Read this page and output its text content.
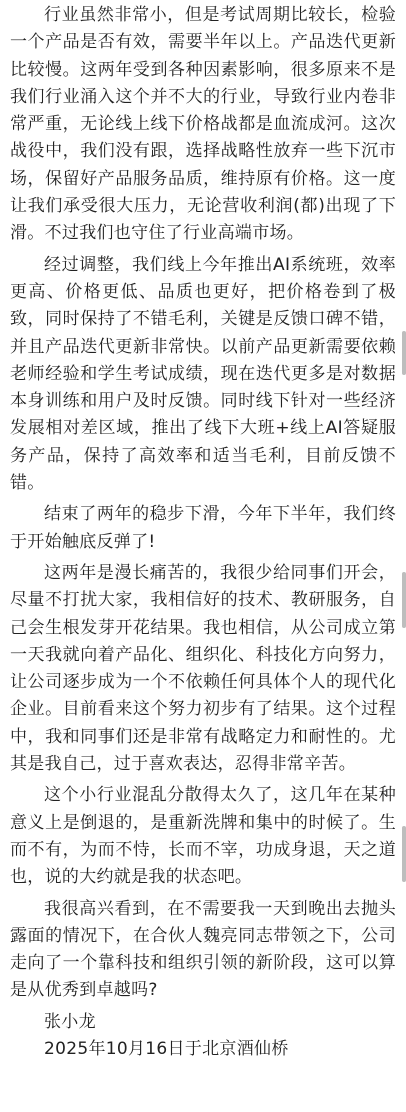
行业虽然非常小，但是考试周期比较长，检验一个产品是否有效，需要半年以上。产品迭代更新比较慢。这两年受到各种因素影响，很多原来不是我们行业涌入这个并不大的行业，导致行业内卷非常严重，无论线上线下价格战都是血流成河。这次战役中，我们没有跟，选择战略性放弃一些下沉市场，保留好产品服务品质，维持原有价格。这一度让我们承受很大压力，无论营收利润(都)出现了下滑。不过我们也守住了行业高端市场。

经过调整，我们线上今年推出AI系统班，效率更高、价格更低、品质也更好，把价格卷到了极致，同时保持了不错毛利，关键是反馈口碑不错，并且产品迭代更新非常快。以前产品更新需要依赖老师经验和学生考试成绩，现在迭代更多是对数据本身训练和用户及时反馈。同时线下针对一些经济发展相对差区域，推出了线下大班+线上AI答疑服务产品，保持了高效率和适当毛利，目前反馈不错。

结束了两年的稳步下滑，今年下半年，我们终于开始触底反弹了!

这两年是漫长痛苦的，我很少给同事们开会，尽量不打扰大家，我相信好的技术、教研服务，自己会生根发芽开花结果。我也相信，从公司成立第一天我就向着产品化、组织化、科技化方向努力，让公司逐步成为一个不依赖任何具体个人的现代化企业。目前看来这个努力初步有了结果。这个过程中，我和同事们还是非常有战略定力和耐性的。尤其是我自己，过于喜欢表达，忍得非常辛苦。

这个小行业混乱分散得太久了，这几年在某种意义上是倒退的，是重新洗牌和集中的时候了。生而不有，为而不恃，长而不宰，功成身退，天之道也，说的大约就是我的状态吧。

我很高兴看到，在不需要我一天到晚出去抛头露面的情况下，在合伙人魏亮同志带领之下，公司走向了一个靠科技和组织引领的新阶段，这可以算是从优秀到卓越吗?

张小龙

2025年10月16日于北京酒仙桥
